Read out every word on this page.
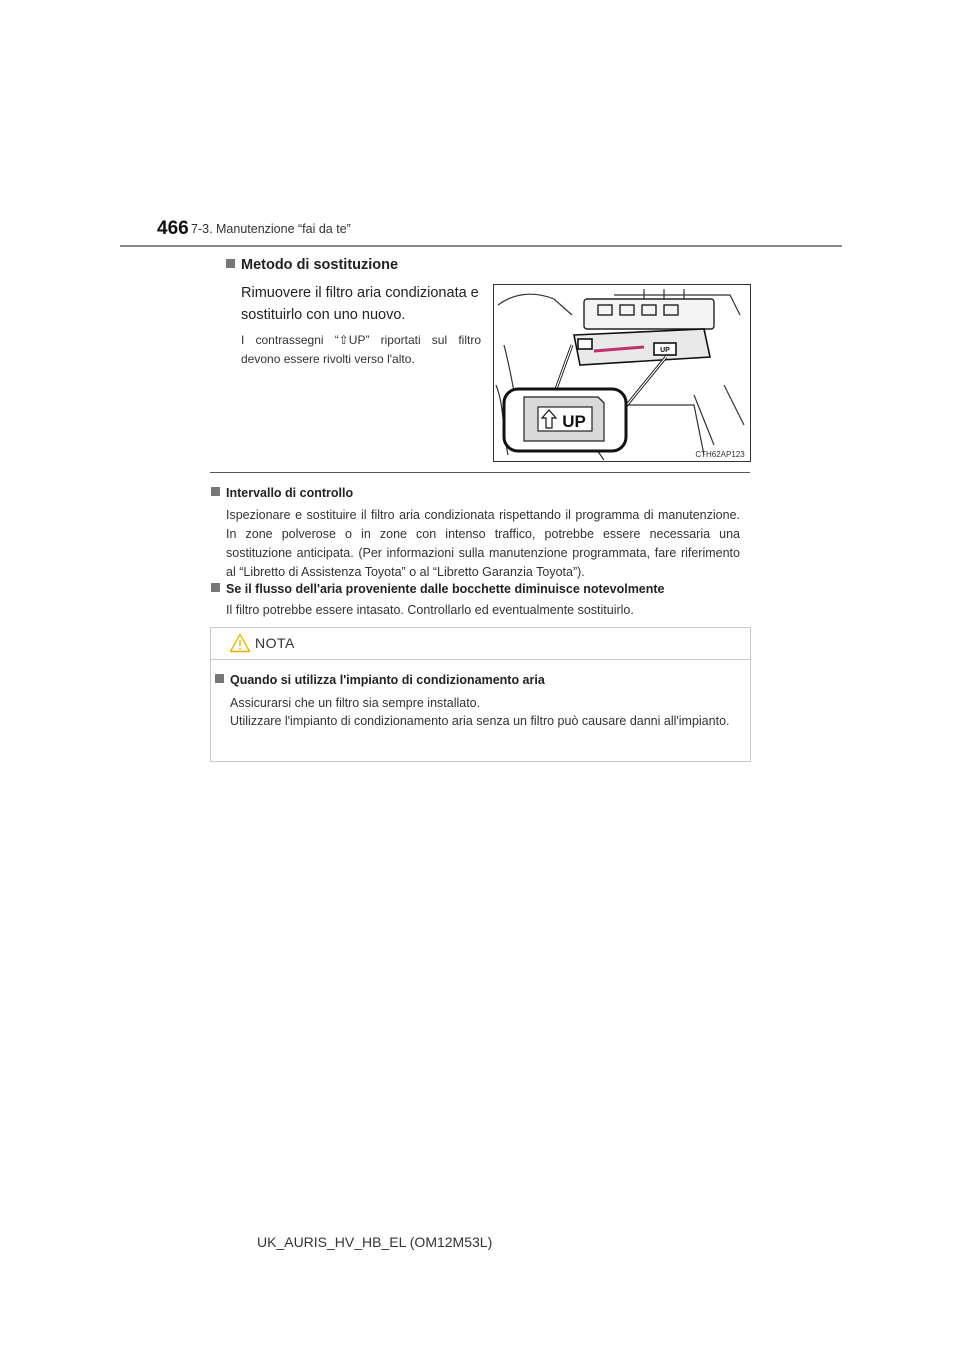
466 7-3. Manutenzione “fai da te”
Metodo di sostituzione
Rimuovere il filtro aria condizionata e sostituirlo con uno nuovo.
I contrassegni “⇧UP” riportati sul filtro devono essere rivolti verso l'alto.
UP
UP
CTH62AP123
Intervallo di controllo
Ispezionare e sostituire il filtro aria condizionata rispettando il programma di manutenzione. In zone polverose o in zone con intenso traffico, potrebbe essere necessaria una sostituzione anticipata. (Per informazioni sulla manutenzione programmata, fare riferimento al “Libretto di Assistenza Toyota” o al “Libretto Garanzia Toyota”).
Se il flusso dell'aria proveniente dalle bocchette diminuisce notevolmente
Il filtro potrebbe essere intasato. Controllarlo ed eventualmente sostituirlo.
NOTA
Quando si utilizza l'impianto di condizionamento aria
Assicurarsi che un filtro sia sempre installato.
Utilizzare l'impianto di condizionamento aria senza un filtro può causare danni all'impianto.
UK_AURIS_HV_HB_EL (OM12M53L)
